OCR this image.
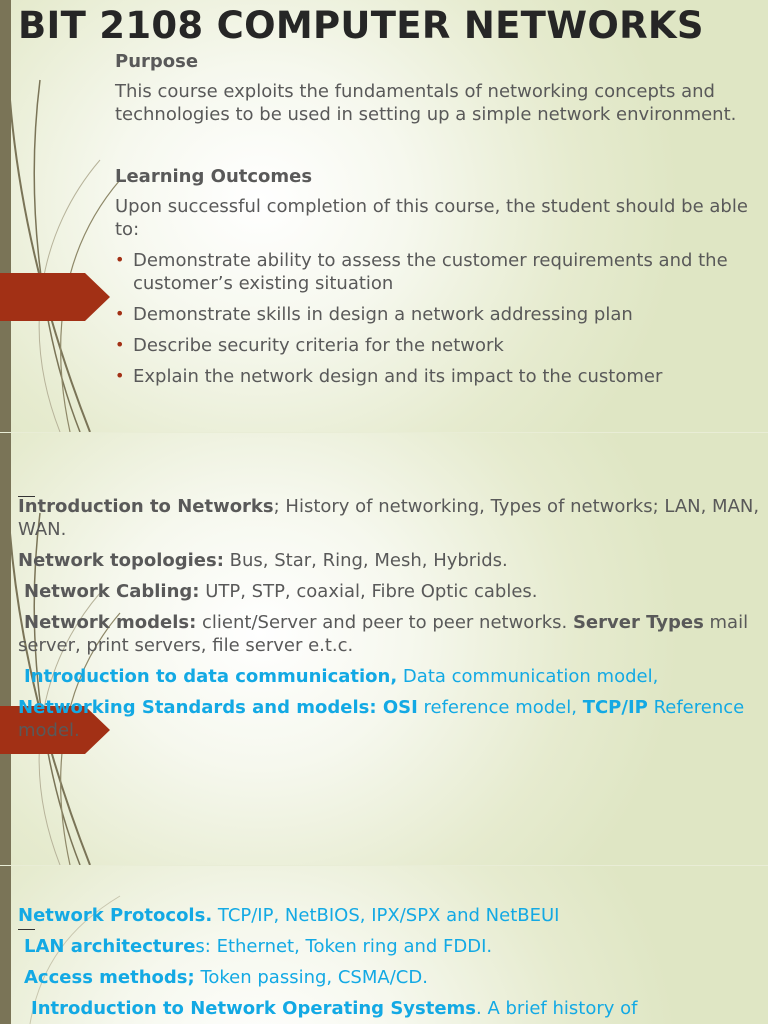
BIT 2108 COMPUTER NETWORKS

Purpose

This course exploits the fundamentals of networking concepts and technologies to be used in setting up a simple network environment.

Learning Outcomes

Upon successful completion of this course, the student should be able to:

• Demonstrate ability to assess the customer requirements and the customer’s existing situation
• Demonstrate skills in design a network addressing plan
• Describe security criteria for the network
• Explain the network design and its impact to the customer

Introduction to Networks; History of networking, Types of networks; LAN, MAN, WAN.

Network topologies: Bus, Star, Ring, Mesh, Hybrids.

Network Cabling: UTP, STP, coaxial, Fibre Optic cables.

Network models: client/Server and peer to peer networks. Server Types mail server, print servers, file server e.t.c.

Introduction to data communication, Data communication model,

Networking Standards and models: OSI reference model, TCP/IP Reference model.

Network Protocols. TCP/IP, NetBIOS, IPX/SPX and NetBEUI

LAN architectures: Ethernet, Token ring and FDDI.

Access methods; Token passing, CSMA/CD.

Introduction to Network Operating Systems. A brief history of
